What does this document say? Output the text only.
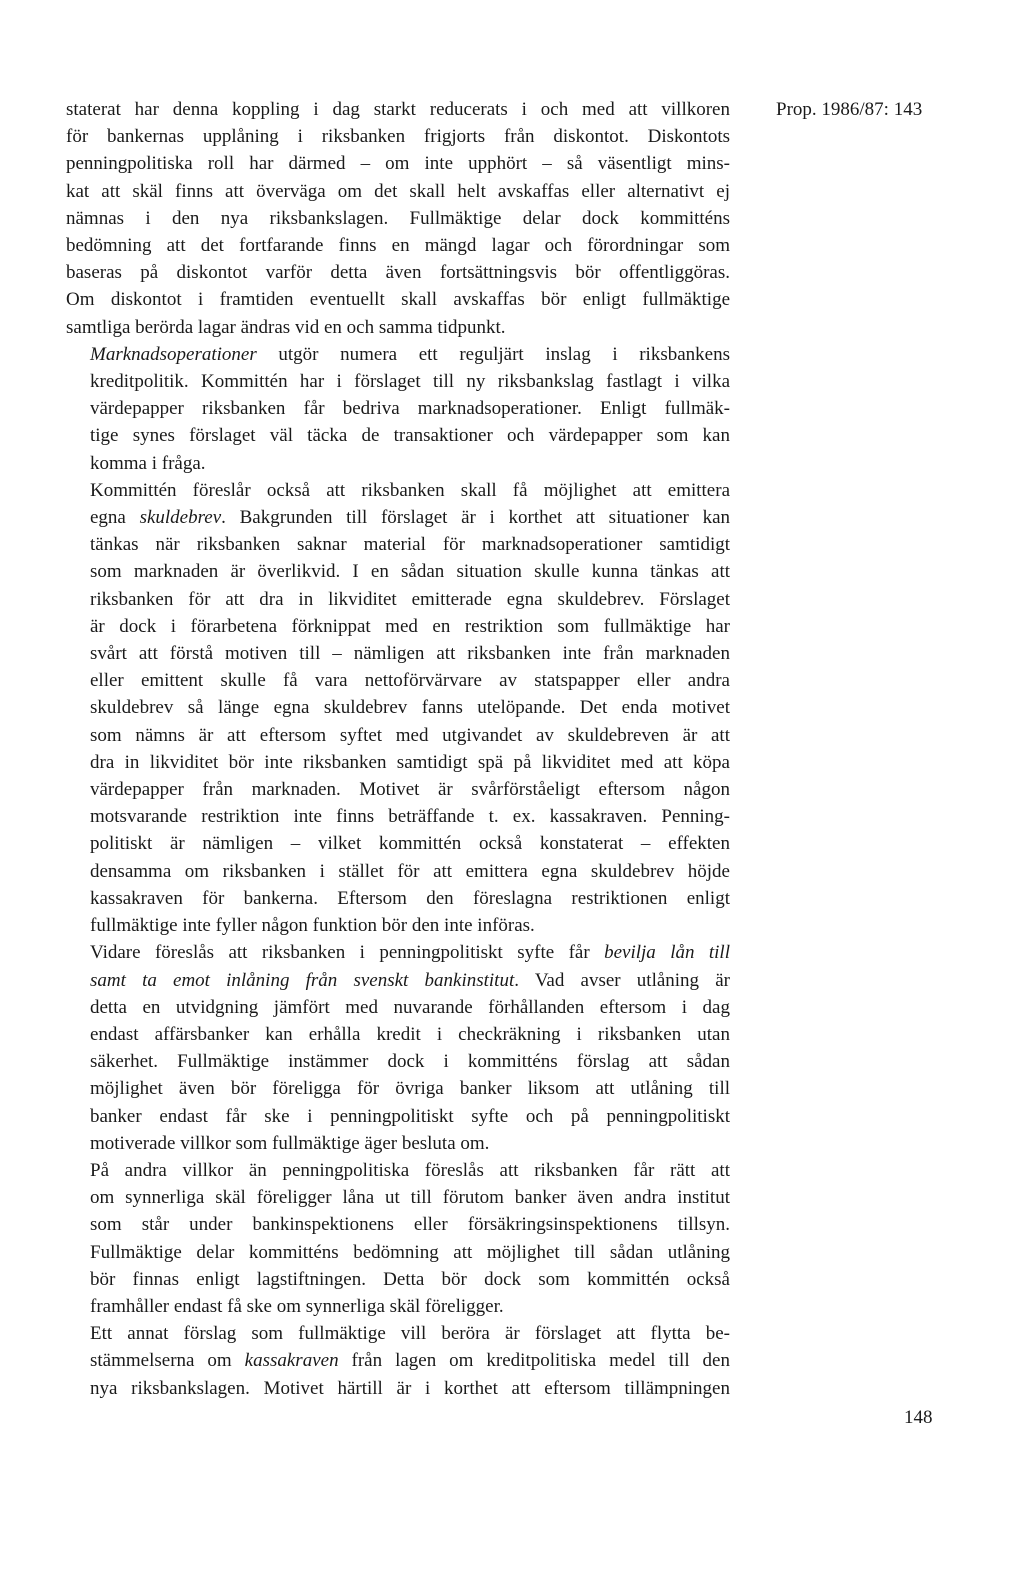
Prop. 1986/87: 143
staterat har denna koppling i dag starkt reducerats i och med att villkoren
för bankernas upplåning i riksbanken frigjorts från diskontot. Diskontots
penningpolitiska roll har därmed – om inte upphört – så väsentligt mins-
kat att skäl finns att överväga om det skall helt avskaffas eller alternativt ej
nämnas i den nya riksbankslagen. Fullmäktige delar dock kommitténs
bedömning att det fortfarande finns en mängd lagar och förordningar som
baseras på diskontot varför detta även fortsättningsvis bör offentliggöras.
Om diskontot i framtiden eventuellt skall avskaffas bör enligt fullmäktige
samtliga berörda lagar ändras vid en och samma tidpunkt.
Marknadsoperationer utgör numera ett reguljärt inslag i riksbankens
kreditpolitik. Kommittén har i förslaget till ny riksbankslag fastlagt i vilka
värdepapper riksbanken får bedriva marknadsoperationer. Enligt fullmäk-
tige synes förslaget väl täcka de transaktioner och värdepapper som kan
komma i fråga.
Kommittén föreslår också att riksbanken skall få möjlighet att emittera
egna skuldebrev. Bakgrunden till förslaget är i korthet att situationer kan
tänkas när riksbanken saknar material för marknadsoperationer samtidigt
som marknaden är överlikvid. I en sådan situation skulle kunna tänkas att
riksbanken för att dra in likviditet emitterade egna skuldebrev. Förslaget
är dock i förarbetena förknippat med en restriktion som fullmäktige har
svårt att förstå motiven till – nämligen att riksbanken inte från marknaden
eller emittent skulle få vara nettoförvärvare av statspapper eller andra
skuldebrev så länge egna skuldebrev fanns utelöpande. Det enda motivet
som nämns är att eftersom syftet med utgivandet av skuldebreven är att
dra in likviditet bör inte riksbanken samtidigt spä på likviditet med att köpa
värdepapper från marknaden. Motivet är svårförståeligt eftersom någon
motsvarande restriktion inte finns beträffande t. ex. kassakraven. Penning-
politiskt är nämligen – vilket kommittén också konstaterat – effekten
densamma om riksbanken i stället för att emittera egna skuldebrev höjde
kassakraven för bankerna. Eftersom den föreslagna restriktionen enligt
fullmäktige inte fyller någon funktion bör den inte införas.
Vidare föreslås att riksbanken i penningpolitiskt syfte får bevilja lån till
samt ta emot inlåning från svenskt bankinstitut. Vad avser utlåning är
detta en utvidgning jämfört med nuvarande förhållanden eftersom i dag
endast affärsbanker kan erhålla kredit i checkräkning i riksbanken utan
säkerhet. Fullmäktige instämmer dock i kommitténs förslag att sådan
möjlighet även bör föreligga för övriga banker liksom att utlåning till
banker endast får ske i penningpolitiskt syfte och på penningpolitiskt
motiverade villkor som fullmäktige äger besluta om.
På andra villkor än penningpolitiska föreslås att riksbanken får rätt att
om synnerliga skäl föreligger låna ut till förutom banker även andra institut
som står under bankinspektionens eller försäkringsinspektionens tillsyn.
Fullmäktige delar kommitténs bedömning att möjlighet till sådan utlåning
bör finnas enligt lagstiftningen. Detta bör dock som kommittén också
framhåller endast få ske om synnerliga skäl föreligger.
Ett annat förslag som fullmäktige vill beröra är förslaget att flytta be-
stämmelserna om kassakraven från lagen om kreditpolitiska medel till den
nya riksbankslagen. Motivet härtill är i korthet att eftersom tillämpningen
148
